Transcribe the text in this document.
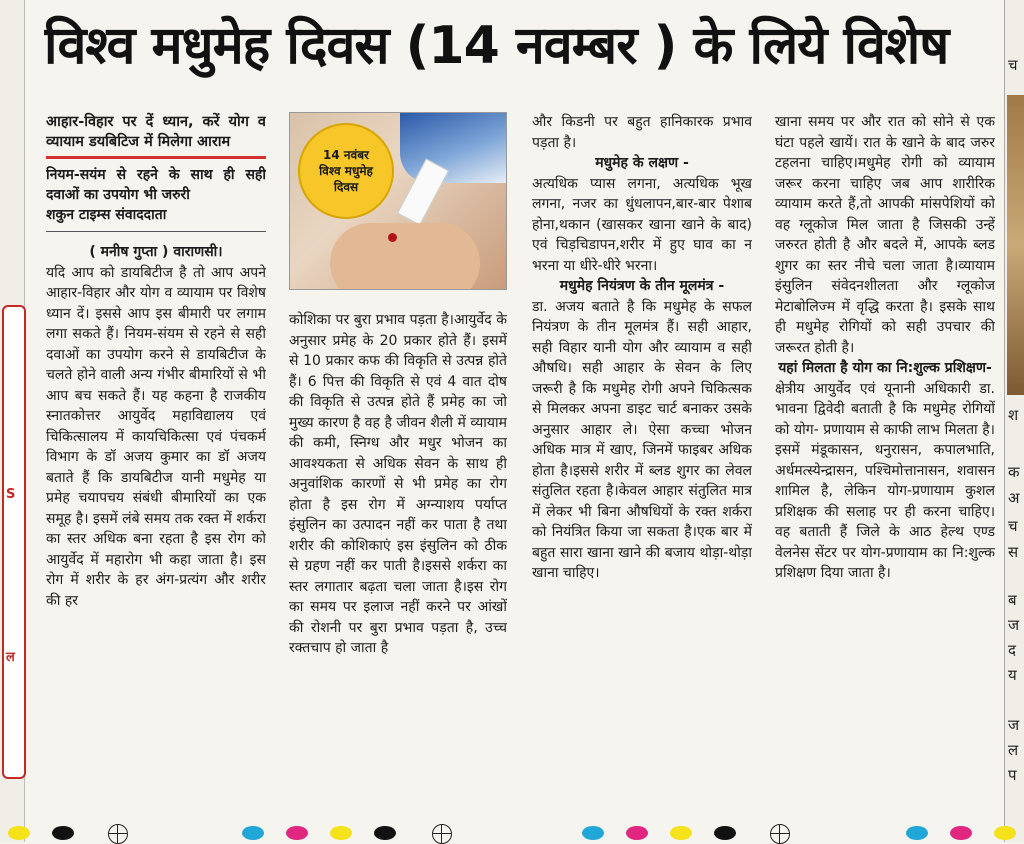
S
ल
च
श
क
अ
च
स
ब
ज
द
य
ज
ल
प
विश्व मधुमेह दिवस (14 नवम्बर ) के लिये विशेष

आहार-विहार पर दें ध्यान, करें योग व व्यायाम डयबिटिज में मिलेगा आराम

नियम-सयंम से रहने के साथ ही सही दवाओं का उपयोग भी जरुरी

शकुन टाइम्स संवाददाता

( मनीष गुप्ता ) वाराणसी।

यदि आप को डायबिटीज है तो आप अपने आहार-विहार और योग व व्यायाम पर विशेष ध्यान दें। इससे आप इस बीमारी पर लगाम लगा सकते हैं। नियम-संयम से रहने से सही दवाओं का उपयोग करने से डायबिटीज के चलते होने वाली अन्य गंभीर बीमारियों से भी आप बच सकते हैं। यह कहना है राजकीय स्नातकोत्तर आयुर्वेद महाविद्यालय एवं चिकित्सालय में कायचिकित्सा एवं पंचकर्म विभाग के डॉ अजय कुमार का डॉ अजय बताते हैं कि डायबिटीज यानी मधुमेह या प्रमेह चयापचय संबंधी बीमारियों का एक समूह है। इसमें लंबे समय तक रक्त में शर्करा का स्तर अधिक बना रहता है इस रोग को आयुर्वेद में महारोग भी कहा जाता है। इस रोग में शरीर के हर अंग-प्रत्यंग और शरीर की हर

14 नवंबर
विश्व मधुमेह
दिवस

कोशिका पर बुरा प्रभाव पड़ता है।आयुर्वेद के अनुसार प्रमेह के 20 प्रकार होते हैं। इसमें से 10 प्रकार कफ की विकृति से उत्पन्न होते हैं। 6 पित्त की विकृति से एवं 4 वात दोष की विकृति से उत्पन्न होते हैं प्रमेह का जो मुख्य कारण है वह है जीवन शैली में व्यायाम की कमी, स्निग्ध और मधुर भोजन का आवश्यकता से अधिक सेवन के साथ ही अनुवांशिक कारणों से भी प्रमेह का रोग होता है इस रोग में अग्न्याशय पर्याप्त इंसुलिन का उत्पादन नहीं कर पाता है तथा शरीर की कोशिकाएं इस इंसुलिन को ठीक से ग्रहण नहीं कर पाती है।इससे शर्करा का स्तर लगातार बढ़ता चला जाता है।इस रोग का समय पर इलाज नहीं करने पर आंखों की रोशनी पर बुरा प्रभाव पड़ता है, उच्च रक्तचाप हो जाता है

और किडनी पर बहुत हानिकारक प्रभाव पड़ता है।

मधुमेह के लक्षण -

अत्यधिक प्यास लगना, अत्यधिक भूख लगना, नजर का धुंधलापन,बार-बार पेशाब होना,थकान (खासकर खाना खाने के बाद) एवं चिड़चिडापन,शरीर में हुए घाव का न भरना या धीरे-धीरे भरना।

मधुमेह नियंत्रण के तीन मूलमंत्र -

डा. अजय बताते है कि मधुमेह के सफल नियंत्रण के तीन मूलमंत्र हैं। सही आहार, सही विहार यानी योग और व्यायाम व सही औषधि। सही आहार के सेवन के लिए जरूरी है कि मधुमेह रोगी अपने चिकित्सक से मिलकर अपना डाइट चार्ट बनाकर उसके अनुसार आहार ले। ऐसा कच्चा भोजन अधिक मात्र में खाए, जिनमें फाइबर अधिक होता है।इससे शरीर में ब्लड शुगर का लेवल संतुलित रहता है।केवल आहार संतुलित मात्र में लेकर भी बिना औषधियों के रक्त शर्करा को नियंत्रित किया जा सकता है।एक बार में बहुत सारा खाना खाने की बजाय थोड़ा-थोड़ा खाना चाहिए।

खाना समय पर और रात को सोने से एक घंटा पहले खायें। रात के खाने के बाद जरुर टहलना चाहिए।मधुमेह रोगी को व्यायाम जरूर करना चाहिए जब आप शारीरिक व्यायाम करते हैं,तो आपकी मांसपेशियों को वह ग्लूकोज मिल जाता है जिसकी उन्हें जरुरत होती है और बदले में, आपके ब्लड शुगर का स्तर नीचे चला जाता है।व्यायाम इंसुलिन संवेदनशीलता और ग्लूकोज मेटाबोलिज्म में वृद्धि करता है। इसके साथ ही मधुमेह रोगियों को सही उपचार की जरूरत होती है।

यहां मिलता है योग का नि:शुल्क प्रशिक्षण-

क्षेत्रीय आयुर्वेद एवं यूनानी अधिकारी डा. भावना द्विवेदी बताती है कि मधुमेह रोगियों को योग- प्रणायाम से काफी लाभ मिलता है। इसमें मंडूकासन, धनुरासन, कपालभाति, अर्धमत्स्येन्द्रासन, पश्चिमोत्तानासन, शवासन शामिल है, लेकिन योग-प्रणायाम कुशल प्रशिक्षक की सलाह पर ही करना चाहिए। वह बताती हैं जिले के आठ हेल्थ एण्ड वेलनेस सेंटर पर योग-प्रणायाम का नि:शुल्क प्रशिक्षण दिया जाता है।
